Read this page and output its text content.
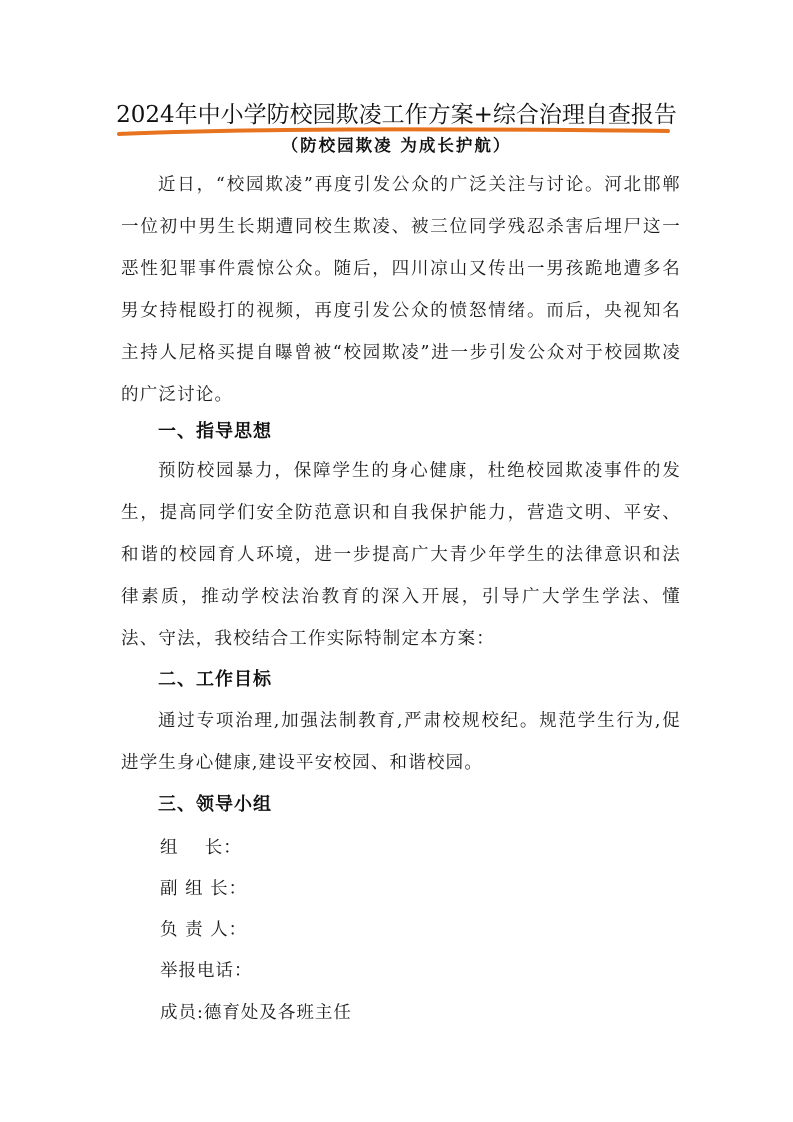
2024年中小学防校园欺凌工作方案+综合治理自查报告
（防校园欺凌 为成长护航）
近日，“校园欺凌”再度引发公众的广泛关注与讨论。河北邯郸一位初中男生长期遭同校生欺凌、被三位同学残忍杀害后埋尸这一恶性犯罪事件震惊公众。随后，四川凉山又传出一男孩跪地遭多名男女持棍殴打的视频，再度引发公众的愤怒情绪。而后，央视知名主持人尼格买提自曝曾被“校园欺凌”进一步引发公众对于校园欺凌的广泛讨论。
一、指导思想
预防校园暴力，保障学生的身心健康，杜绝校园欺凌事件的发生，提高同学们安全防范意识和自我保护能力，营造文明、平安、和谐的校园育人环境，进一步提高广大青少年学生的法律意识和法律素质，推动学校法治教育的深入开展，引导广大学生学法、懂法、守法，我校结合工作实际特制定本方案：
二、工作目标
通过专项治理,加强法制教育,严肃校规校纪。规范学生行为,促进学生身心健康,建设平安校园、和谐校园。
三、领导小组
组    长：
副 组 长：
负 责 人：
举报电话：
成员:德育处及各班主任
